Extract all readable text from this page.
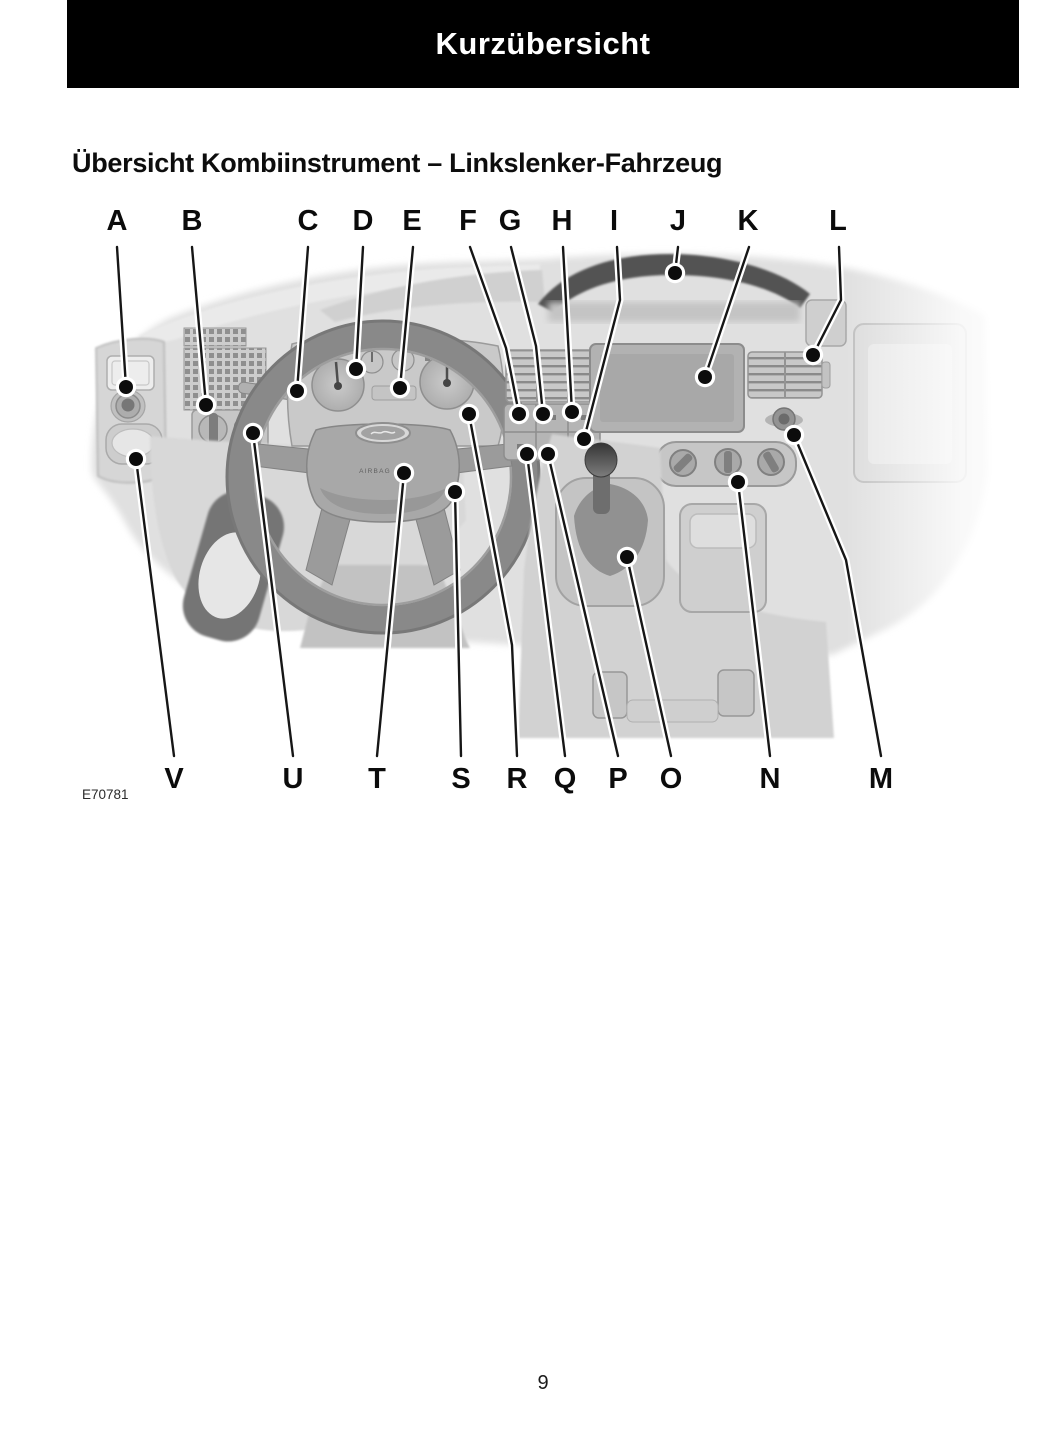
Kurzübersicht
Übersicht Kombiinstrument – Linkslenker-Fahrzeug
AIRBAG
A B	C D E F G H I J K L
V	U T S R Q P O	N	M
E70781
9
